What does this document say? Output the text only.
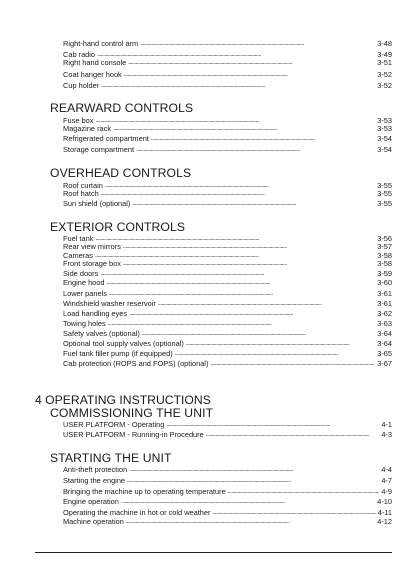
Right-hand control arm . . .	3-48
Cab radio . . .	3-49
Right hand console . . .	3-51
Coat hanger hook . . .	3-52
Cup holder . . .	3-52
REARWARD CONTROLS
Fuse box . . .	3-53
Magazine rack . . .	3-53
Refrigerated compartment . . .	3-54
Storage compartment . . .	3-54
OVERHEAD CONTROLS
Roof curtain . . .	3-55
Roof hatch . . .	3-55
Sun shield (optional) . . .	3-55
EXTERIOR CONTROLS
Fuel tank . . .	3-56
Rear view mirrors . . .	3-57
Cameras . . .	3-58
Front storage box . . .	3-58
Side doors . . .	3-59
Engine hood . . .	3-60
Lower panels . . .	3-61
Windshield washer reservoir . . .	3-61
Load handling eyes . . .	3-62
Towing holes . . .	3-63
Safety valves (optional) . . .	3-64
Optional tool supply valves (optional) . . .	3-64
Fuel tank filler pump (if equipped) . . .	3-65
Cab protection (ROPS and FOPS) (optional) . . .	3-67
4 OPERATING INSTRUCTIONS
COMMISSIONING THE UNIT
USER PLATFORM - Operating . . .	4-1
USER PLATFORM - Running-in Procedure . . .	4-3
STARTING THE UNIT
Anti-theft protection . . .	4-4
Starting the engine . . .	4-7
Bringing the machine up to operating temperature . . .	4-9
Engine operation . . .	4-10
Operating the machine in hot or cold weather . . .	4-11
Machine operation . . .	4-12
